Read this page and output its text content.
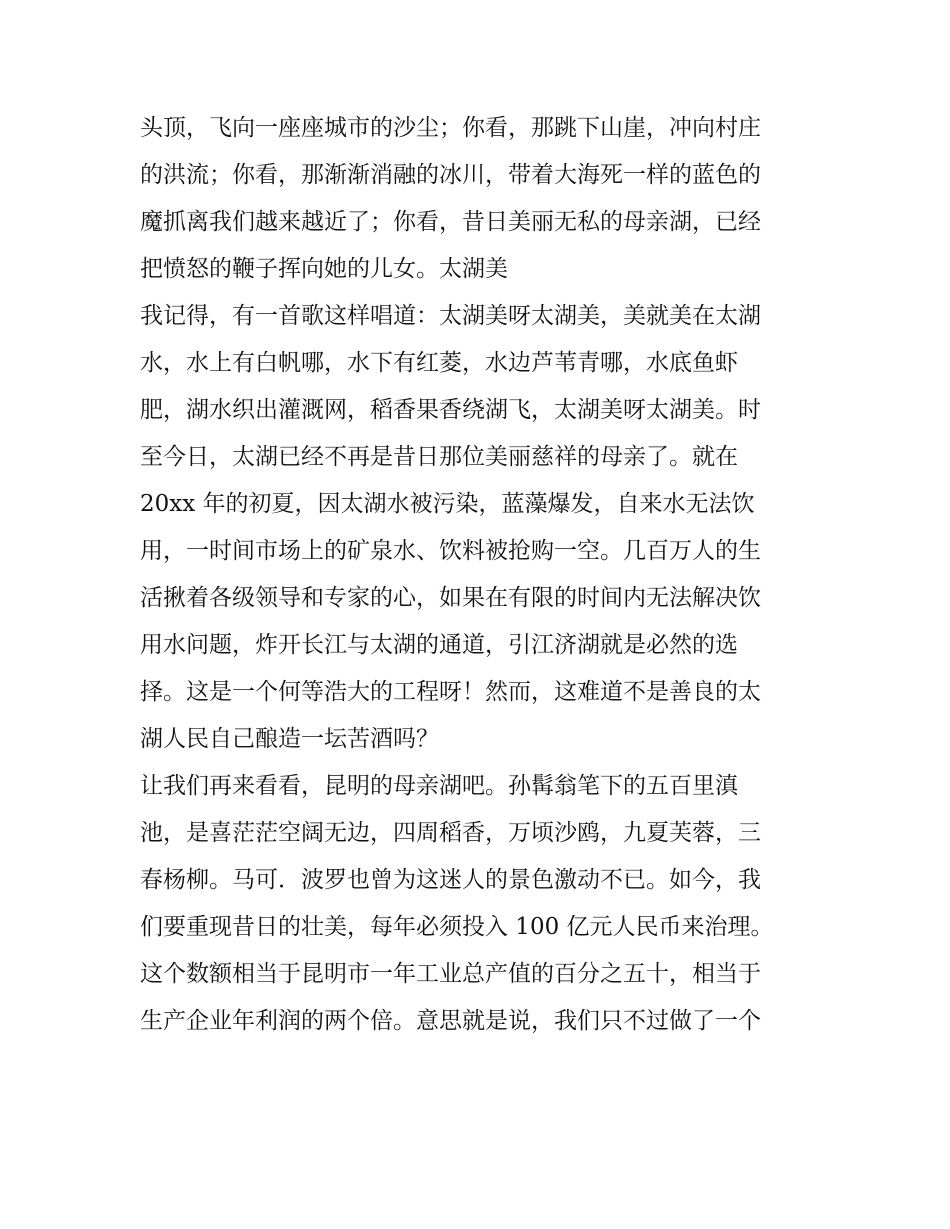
头顶，飞向一座座城市的沙尘；你看，那跳下山崖，冲向村庄
的洪流；你看，那渐渐消融的冰川，带着大海死一样的蓝色的
魔抓离我们越来越近了；你看，昔日美丽无私的母亲湖，已经
把愤怒的鞭子挥向她的儿女。太湖美
我记得，有一首歌这样唱道：太湖美呀太湖美，美就美在太湖
水，水上有白帆哪，水下有红菱，水边芦苇青哪，水底鱼虾
肥，湖水织出灌溉网，稻香果香绕湖飞，太湖美呀太湖美。时
至今日，太湖已经不再是昔日那位美丽慈祥的母亲了。就在
20xx 年的初夏，因太湖水被污染，蓝藻爆发，自来水无法饮
用，一时间市场上的矿泉水、饮料被抢购一空。几百万人的生
活揪着各级领导和专家的心，如果在有限的时间内无法解决饮
用水问题，炸开长江与太湖的通道，引江济湖就是必然的选
择。这是一个何等浩大的工程呀！然而，这难道不是善良的太
湖人民自己酿造一坛苦酒吗？
让我们再来看看，昆明的母亲湖吧。孙髯翁笔下的五百里滇
池，是喜茫茫空阔无边，四周稻香，万顷沙鸥，九夏芙蓉，三
春杨柳。马可．波罗也曾为这迷人的景色激动不已。如今，我
们要重现昔日的壮美，每年必须投入 100 亿元人民币来治理。
这个数额相当于昆明市一年工业总产值的百分之五十，相当于
生产企业年利润的两个倍。意思就是说，我们只不过做了一个
